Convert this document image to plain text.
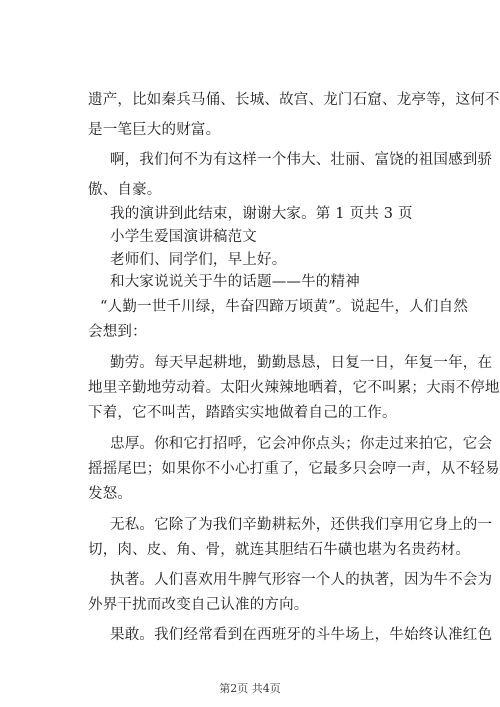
遗产，比如秦兵马俑、长城、故宫、龙门石窟、龙亭等，这何不
是一笔巨大的财富。
啊，我们何不为有这样一个伟大、壮丽、富饶的祖国感到骄
傲、自豪。
我的演讲到此结束，谢谢大家。第 1 页共 3 页
小学生爱国演讲稿范文
老师们、同学们，早上好。
和大家说说关于牛的话题——牛的精神
“人勤一世千川绿，牛奋四蹄万顷黄”。说起牛，人们自然
会想到：
勤劳。每天早起耕地，勤勤恳恳，日复一日，年复一年，在
地里辛勤地劳动着。太阳火辣辣地晒着，它不叫累；大雨不停地
下着，它不叫苦，踏踏实实地做着自己的工作。
忠厚。你和它打招呼，它会冲你点头；你走过来拍它，它会
摇摇尾巴；如果你不小心打重了，它最多只会哼一声，从不轻易
发怒。
无私。它除了为我们辛勤耕耘外，还供我们享用它身上的一
切，肉、皮、角、骨，就连其胆结石牛磺也堪为名贵药材。
执著。人们喜欢用牛脾气形容一个人的执著，因为牛不会为
外界干扰而改变自己认准的方向。
果敢。我们经常看到在西班牙的斗牛场上，牛始终认准红色
第2页 共4页
